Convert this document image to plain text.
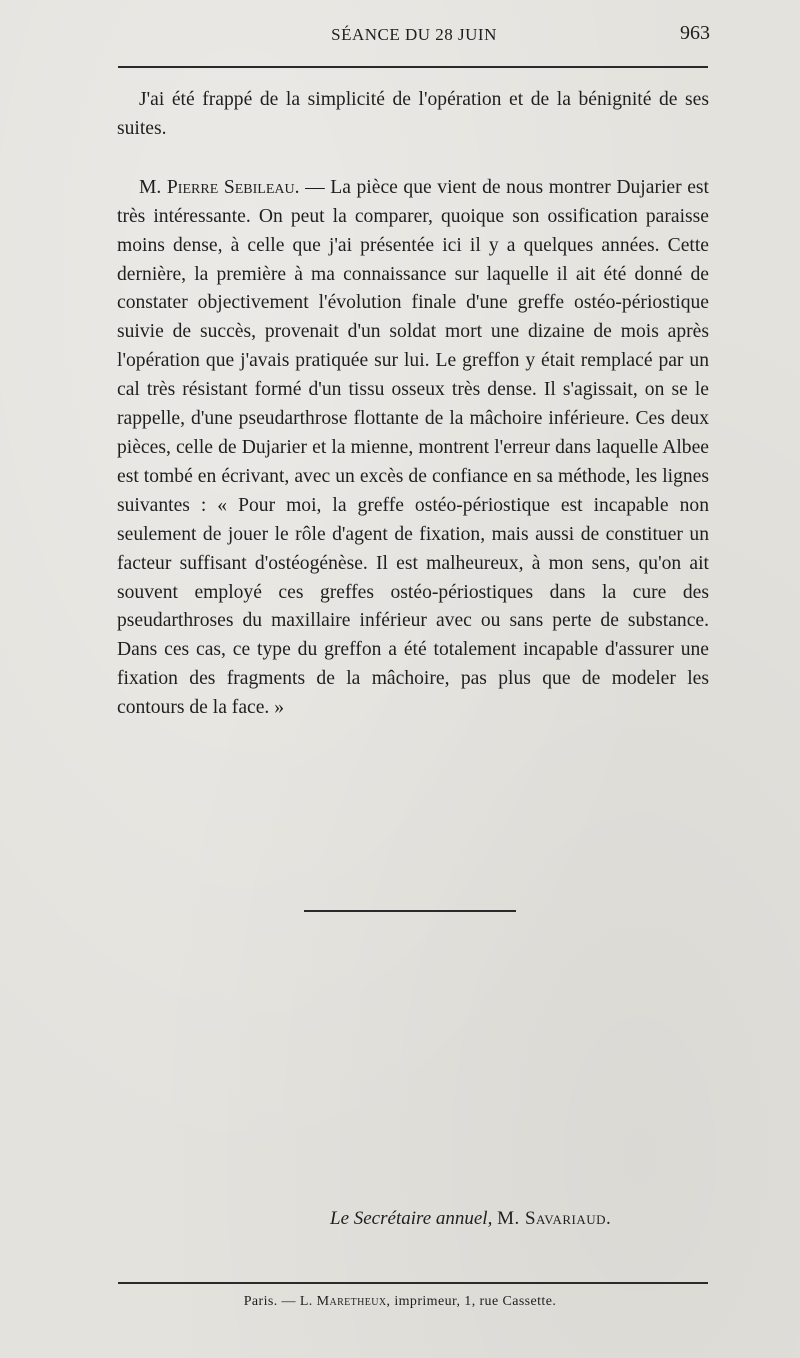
SÉANCE DU 28 JUIN	963

J'ai été frappé de la simplicité de l'opération et de la bénignité de ses suites.

M. Pierre Sebileau. — La pièce que vient de nous montrer Dujarier est très intéressante. On peut la comparer, quoique son ossification paraisse moins dense, à celle que j'ai présentée ici il y a quelques années. Cette dernière, la première à ma connaissance sur laquelle il ait été donné de constater objectivement l'évolution finale d'une greffe ostéo-périostique suivie de succès, provenait d'un soldat mort une dizaine de mois après l'opération que j'avais pratiquée sur lui. Le greffon y était remplacé par un cal très résistant formé d'un tissu osseux très dense. Il s'agissait, on se le rappelle, d'une pseudarthrose flottante de la mâchoire inférieure. Ces deux pièces, celle de Dujarier et la mienne, montrent l'erreur dans laquelle Albee est tombé en écrivant, avec un excès de confiance en sa méthode, les lignes suivantes : « Pour moi, la greffe ostéo-périostique est incapable non seulement de jouer le rôle d'agent de fixation, mais aussi de constituer un facteur suffisant d'ostéogénèse. Il est malheureux, à mon sens, qu'on ait souvent employé ces greffes ostéo-périostiques dans la cure des pseudarthroses du maxillaire inférieur avec ou sans perte de substance. Dans ces cas, ce type du greffon a été totalement incapable d'assurer une fixation des fragments de la mâchoire, pas plus que de modeler les contours de la face. »

Le Secrétaire annuel, M. Savariaud.
Paris. — L. Maretheux, imprimeur, 1, rue Cassette.
